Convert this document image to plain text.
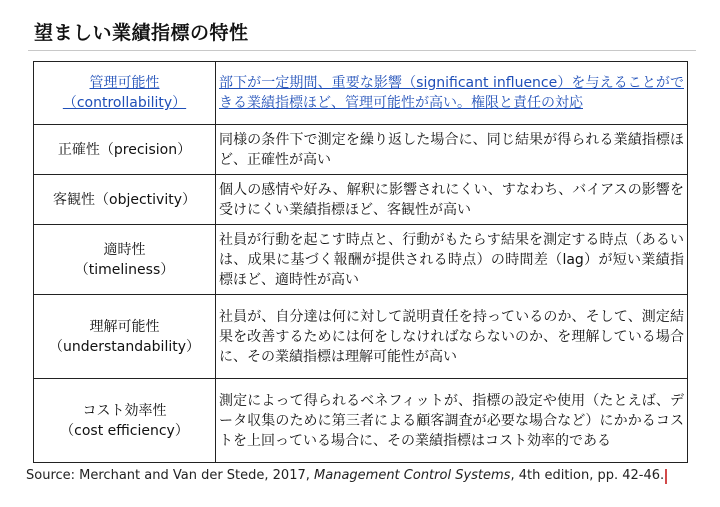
望ましい業績指標の特性
管理可能性
（controllability）	部下が一定期間、重要な影響（significant influence）を与えることができる業績指標ほど、管理可能性が高い。権限と責任の対応
正確性（precision）	同様の条件下で測定を繰り返した場合に、同じ結果が得られる業績指標ほど、正確性が高い
客観性（objectivity）	個人の感情や好み、解釈に影響されにくい、すなわち、バイアスの影響を受けにくい業績指標ほど、客観性が高い
適時性
（timeliness）	社員が行動を起こす時点と、行動がもたらす結果を測定する時点（あるいは、成果に基づく報酬が提供される時点）の時間差（lag）が短い業績指標ほど、適時性が高い
理解可能性
（understandability）	社員が、自分達は何に対して説明責任を持っているのか、そして、測定結果を改善するためには何をしなければならないのか、を理解している場合に、その業績指標は理解可能性が高い
コスト効率性
（cost efficiency）	測定によって得られるベネフィットが、指標の設定や使用（たとえば、データ収集のために第三者による顧客調査が必要な場合など）にかかるコストを上回っている場合に、その業績指標はコスト効率的である
Source: Merchant and Van der Stede, 2017, Management Control Systems, 4th edition, pp. 42-46.
